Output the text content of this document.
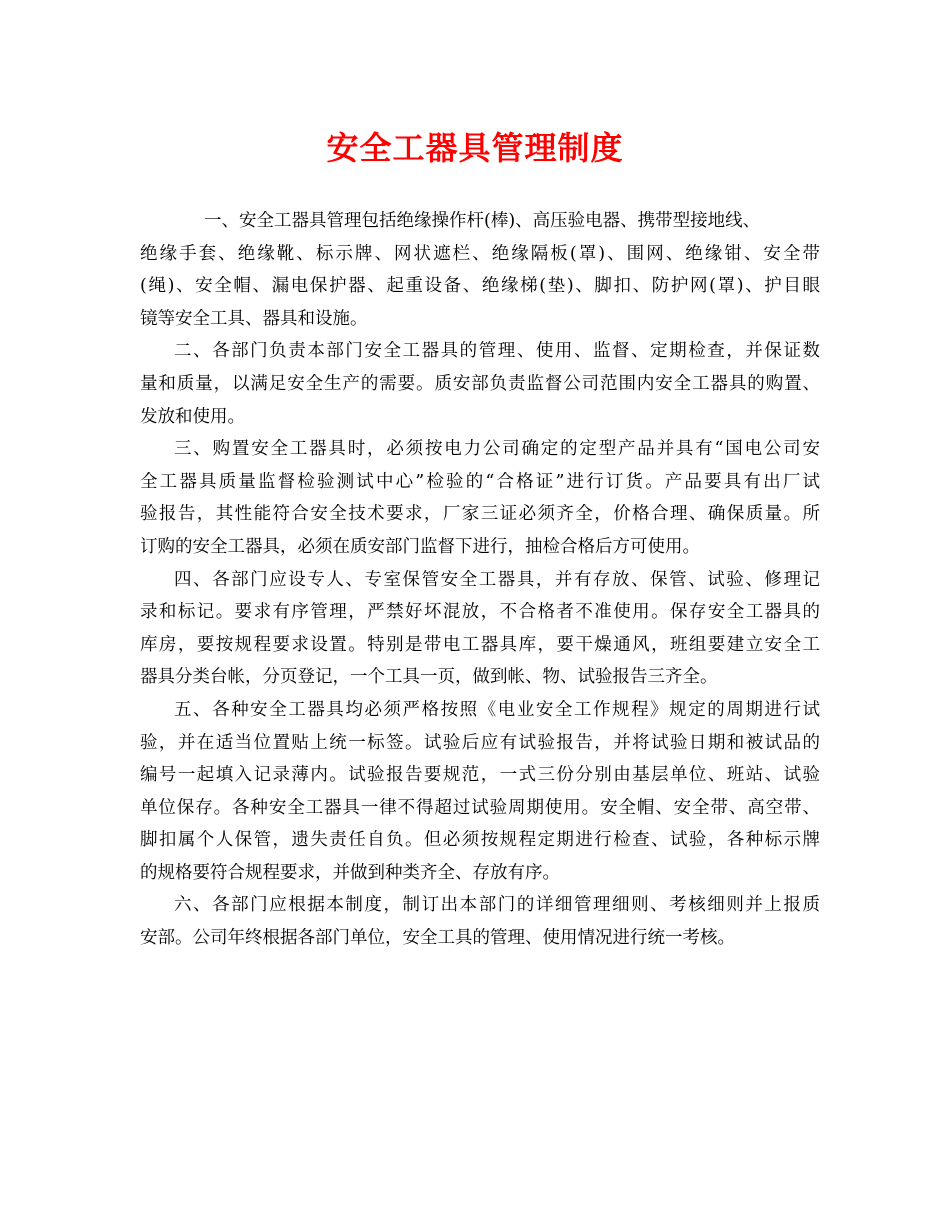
安全工器具管理制度
一、安全工器具管理包括绝缘操作杆(棒)、高压验电器、携带型接地线、
绝缘手套、绝缘靴、标示牌、网状遮栏、绝缘隔板(罩)、围网、绝缘钳、安全带
(绳)、安全帽、漏电保护器、起重设备、绝缘梯(垫)、脚扣、防护网(罩)、护目眼
镜等安全工具、器具和设施。
二、各部门负责本部门安全工器具的管理、使用、监督、定期检查，并保证数
量和质量，以满足安全生产的需要。质安部负责监督公司范围内安全工器具的购置、
发放和使用。
三、购置安全工器具时，必须按电力公司确定的定型产品并具有“国电公司安
全工器具质量监督检验测试中心”检验的“合格证”进行订货。产品要具有出厂试
验报告，其性能符合安全技术要求，厂家三证必须齐全，价格合理、确保质量。所
订购的安全工器具，必须在质安部门监督下进行，抽检合格后方可使用。
四、各部门应设专人、专室保管安全工器具，并有存放、保管、试验、修理记
录和标记。要求有序管理，严禁好坏混放，不合格者不准使用。保存安全工器具的
库房，要按规程要求设置。特别是带电工器具库，要干燥通风，班组要建立安全工
器具分类台帐，分页登记，一个工具一页，做到帐、物、试验报告三齐全。
五、各种安全工器具均必须严格按照《电业安全工作规程》规定的周期进行试
验，并在适当位置贴上统一标签。试验后应有试验报告，并将试验日期和被试品的
编号一起填入记录薄内。试验报告要规范，一式三份分别由基层单位、班站、试验
单位保存。各种安全工器具一律不得超过试验周期使用。安全帽、安全带、高空带、
脚扣属个人保管，遗失责任自负。但必须按规程定期进行检查、试验，各种标示牌
的规格要符合规程要求，并做到种类齐全、存放有序。
六、各部门应根据本制度，制订出本部门的详细管理细则、考核细则并上报质
安部。公司年终根据各部门单位，安全工具的管理、使用情况进行统一考核。
